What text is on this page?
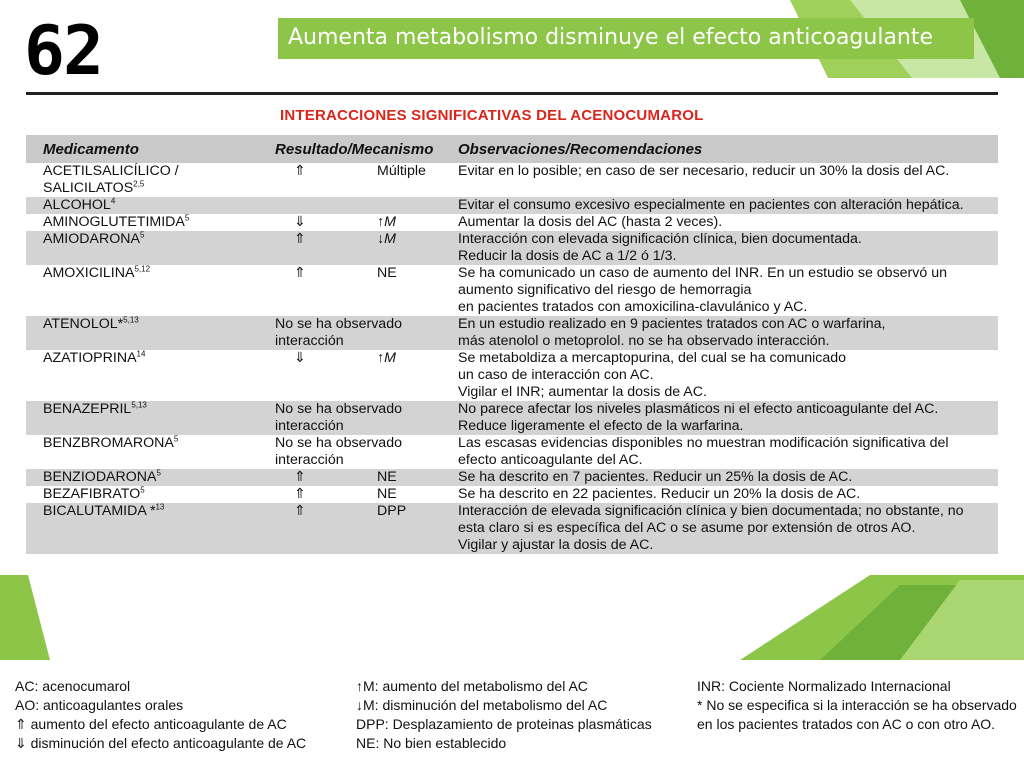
62	Aumenta metabolismo disminuye el efecto anticoagulante
INTERACCIONES SIGNIFICATIVAS DEL ACENOCUMAROL
Medicamento	Resultado/Mecanismo		Observaciones/Recomendaciones
ACETILSALICÍLICO /
SALICILATOS$^{2,5}$	⇑	Múltiple	Evitar en lo posible; en caso de ser necesario, reducir un 30% la dosis del AC.
ALCOHOL$^4$			Evitar el consumo excesivo especialmente en pacientes con alteración hepática.
AMINOGLUTETIMIDA$^5$	⇓	↑M	Aumentar la dosis del AC (hasta 2 veces).
AMIODARONA$^5$	⇑	↓M	Interacción con elevada significación clínica, bien documentada.
Reducir la dosis de AC a 1/2 ó 1/3.
AMOXICILINA$^{5,12}$	⇑	NE	Se ha comunicado un caso de aumento del INR. En un estudio se observó un
aumento significativo del riesgo de hemorragia
en pacientes tratados con amoxicilina-clavulánico y AC.
ATENOLOL*$^{5,13}$	No se ha observado
interacción		En un estudio realizado en 9 pacientes tratados con AC o warfarina,
más atenolol o metoprolol. no se ha observado interacción.
AZATIOPRINA$^{14}$	⇓	↑M	Se metaboldiza a mercaptopurina, del cual se ha comunicado
un caso de interacción con AC.
Vigilar el INR; aumentar la dosis de AC.
BENAZEPRIL$^{5,13}$	No se ha observado
interacción		No parece afectar los niveles plasmáticos ni el efecto anticoagulante del AC.
Reduce ligeramente el efecto de la warfarina.
BENZBROMARONA$^5$	No se ha observado
interacción		Las escasas evidencias disponibles no muestran modificación significativa del
efecto anticoagulante del AC.
BENZIODARONA$^5$	⇑	NE	Se ha descrito en 7 pacientes. Reducir un 25% la dosis de AC.
BEZAFIBRATO$^5$	⇑	NE	Se ha descrito en 22 pacientes. Reducir un 20% la dosis de AC.
BICALUTAMIDA *$^{13}$	⇑	DPP	Interacción de elevada significación clínica y bien documentada; no obstante, no
esta claro si es específica del AC o se asume por extensión de otros AO.
Vigilar y ajustar la dosis de AC.
AC: acenocumarol
AO: anticoagulantes orales
⇑ aumento del efecto anticoagulante de AC
⇓ disminución del efecto anticoagulante de AC
↑M: aumento del metabolismo del AC
↓M: disminución del metabolismo del AC
DPP: Desplazamiento de proteinas plasmáticas
NE: No bien establecido
INR: Cociente Normalizado Internacional
* No se especifica si la interacción se ha observado
en los pacientes tratados con AC o con otro AO.
